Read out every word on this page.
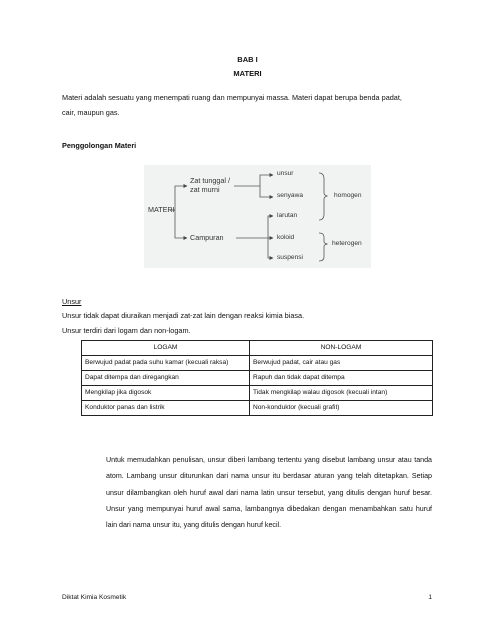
BAB I
MATERI
Materi adalah sesuatu yang menempati ruang dan mempunyai massa. Materi dapat berupa benda padat,
cair, maupun gas.
Penggolongan Materi
MATERI
Zat tunggal /
zat murni
Campuran
unsur
senyawa
larutan
koloid
suspensi
homogen
heterogen
Unsur
Unsur tidak dapat diuraikan menjadi zat-zat lain dengan reaksi kimia biasa.
Unsur terdiri dari logam dan non-logam.
LOGAM	NON-LOGAM
Berwujud padat pada suhu kamar (kecuali raksa)	Berwujud padat, cair atau gas
Dapat ditempa dan diregangkan	Rapuh dan tidak dapat ditempa
Mengkilap jika digosok	Tidak mengkilap walau digosok (kecuali intan)
Konduktor panas dan listrik	Non-konduktor (kecuali grafit)
Untuk memudahkan penulisan, unsur diberi lambang tertentu yang disebut lambang unsur atau tanda atom. Lambang unsur diturunkan dari nama unsur itu berdasar aturan yang telah ditetapkan. Setiap unsur dilambangkan oleh huruf awal dari nama latin unsur tersebut, yang ditulis dengan huruf besar. Unsur yang mempunyai huruf awal sama, lambangnya dibedakan dengan menambahkan satu huruf lain dari nama unsur itu, yang ditulis dengan huruf kecil.
Diktat Kimia Kosmetik	1
